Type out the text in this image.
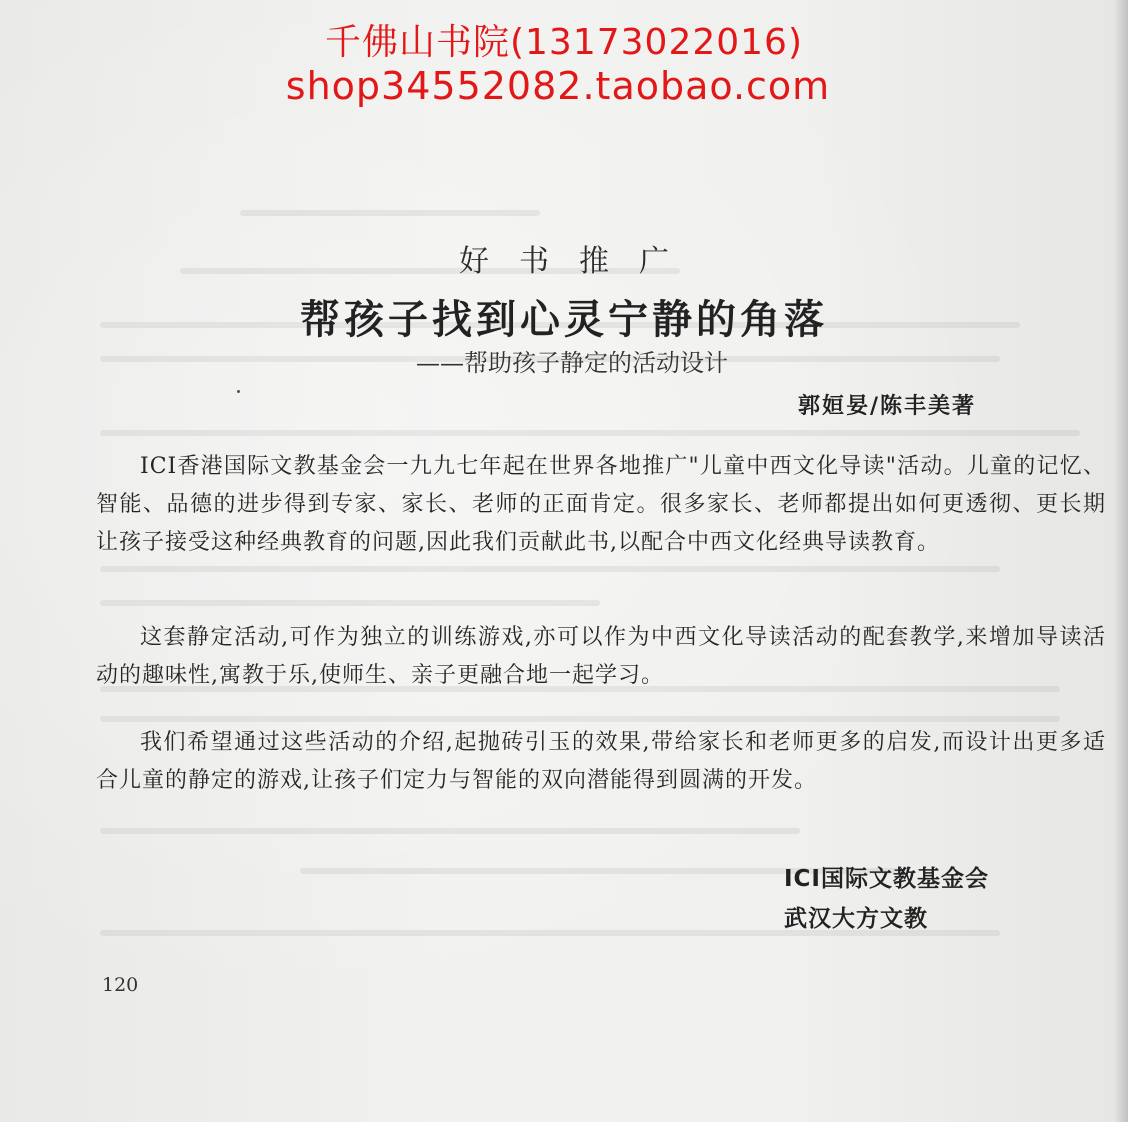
千佛山书院(13173022016)
shop34552082.taobao.com
好书推广
帮孩子找到心灵宁静的角落
——帮助孩子静定的活动设计
郭姮妟/陈丰美著

ICI香港国际文教基金会一九九七年起在世界各地推广"儿童中西文化导读"活动。儿童的记忆、智能、品德的进步得到专家、家长、老师的正面肯定。很多家长、老师都提出如何更透彻、更长期让孩子接受这种经典教育的问题,因此我们贡献此书,以配合中西文化经典导读教育。

这套静定活动,可作为独立的训练游戏,亦可以作为中西文化导读活动的配套教学,来增加导读活动的趣味性,寓教于乐,使师生、亲子更融合地一起学习。

我们希望通过这些活动的介绍,起抛砖引玉的效果,带给家长和老师更多的启发,而设计出更多适合儿童的静定的游戏,让孩子们定力与智能的双向潜能得到圆满的开发。

ICI国际文教基金会
武汉大方文教
120
